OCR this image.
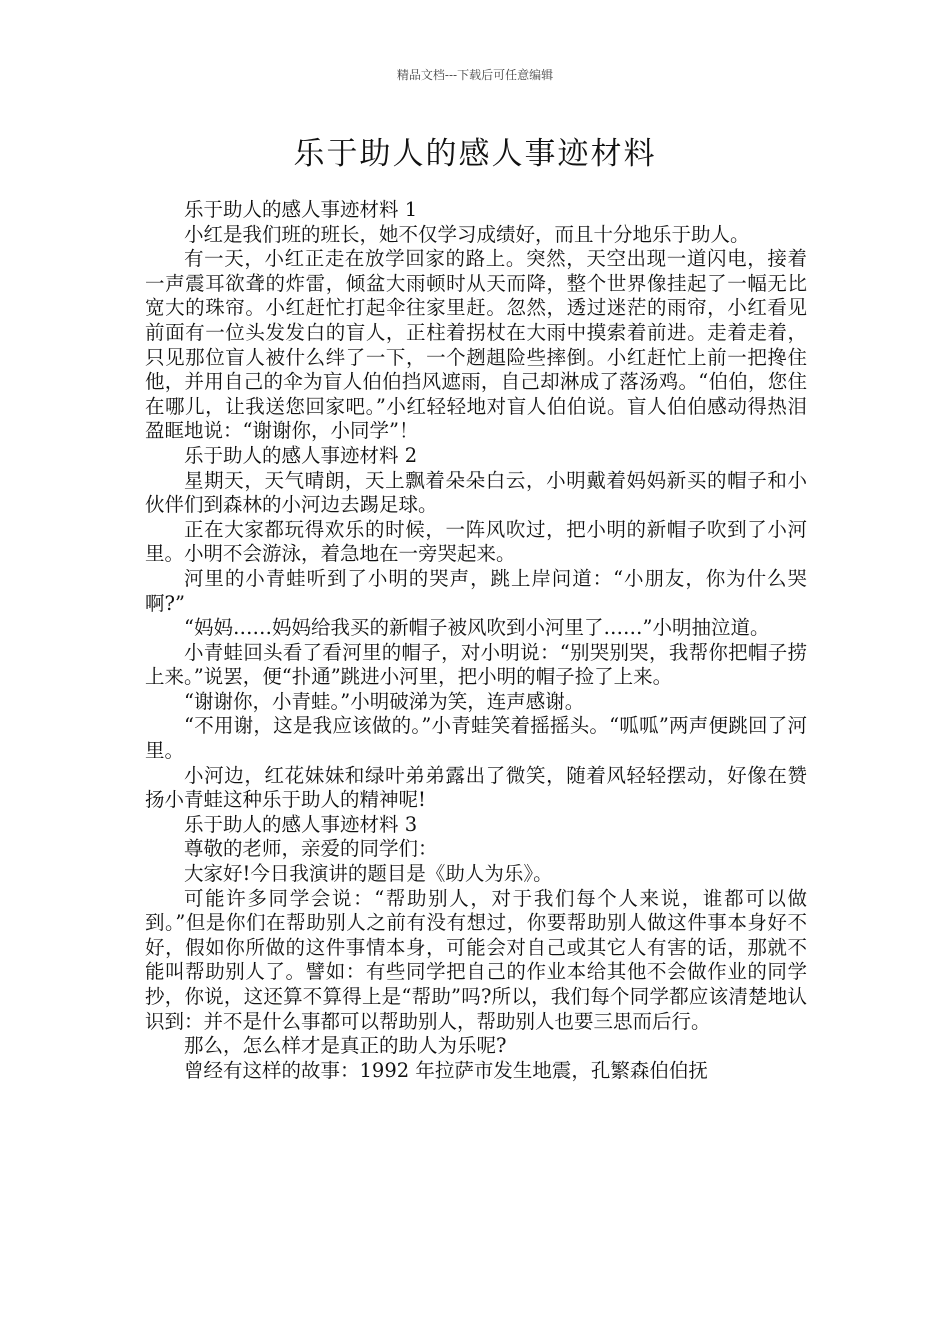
精品文档---下载后可任意编辑
乐于助人的感人事迹材料

乐于助人的感人事迹材料 1

小红是我们班的班长，她不仅学习成绩好，而且十分地乐于助人。

有一天，小红正走在放学回家的路上。突然，天空出现一道闪电，接着一声震耳欲聋的炸雷，倾盆大雨顿时从天而降，整个世界像挂起了一幅无比宽大的珠帘。小红赶忙打起伞往家里赶。忽然，透过迷茫的雨帘，小红看见前面有一位头发发白的盲人，正柱着拐杖在大雨中摸索着前进。走着走着，只见那位盲人被什么绊了一下，一个趔趄险些摔倒。小红赶忙上前一把搀住他，并用自己的伞为盲人伯伯挡风遮雨，自己却淋成了落汤鸡。“伯伯，您住在哪儿，让我送您回家吧。”小红轻轻地对盲人伯伯说。盲人伯伯感动得热泪盈眶地说：“谢谢你，小同学”！

乐于助人的感人事迹材料 2

星期天，天气晴朗，天上飘着朵朵白云，小明戴着妈妈新买的帽子和小伙伴们到森林的小河边去踢足球。

正在大家都玩得欢乐的时候，一阵风吹过，把小明的新帽子吹到了小河里。小明不会游泳，着急地在一旁哭起来。

河里的小青蛙听到了小明的哭声，跳上岸问道：“小朋友，你为什么哭啊?”

“妈妈……妈妈给我买的新帽子被风吹到小河里了……”小明抽泣道。

小青蛙回头看了看河里的帽子，对小明说：“别哭别哭，我帮你把帽子捞上来。”说罢，便“扑通”跳进小河里，把小明的帽子捡了上来。

“谢谢你，小青蛙。”小明破涕为笑，连声感谢。

“不用谢，这是我应该做的。”小青蛙笑着摇摇头。“呱呱”两声便跳回了河里。

小河边，红花妹妹和绿叶弟弟露出了微笑，随着风轻轻摆动，好像在赞扬小青蛙这种乐于助人的精神呢!

乐于助人的感人事迹材料 3

尊敬的老师，亲爱的同学们：

大家好!今日我演讲的题目是《助人为乐》。

可能许多同学会说：“帮助别人，对于我们每个人来说，谁都可以做到。”但是你们在帮助别人之前有没有想过，你要帮助别人做这件事本身好不好，假如你所做的这件事情本身，可能会对自己或其它人有害的话，那就不能叫帮助别人了。譬如：有些同学把自己的作业本给其他不会做作业的同学抄，你说，这还算不算得上是“帮助”吗?所以，我们每个同学都应该清楚地认识到：并不是什么事都可以帮助别人，帮助别人也要三思而后行。

那么，怎么样才是真正的助人为乐呢?

曾经有这样的故事：1992 年拉萨市发生地震，孔繁森伯伯抚
